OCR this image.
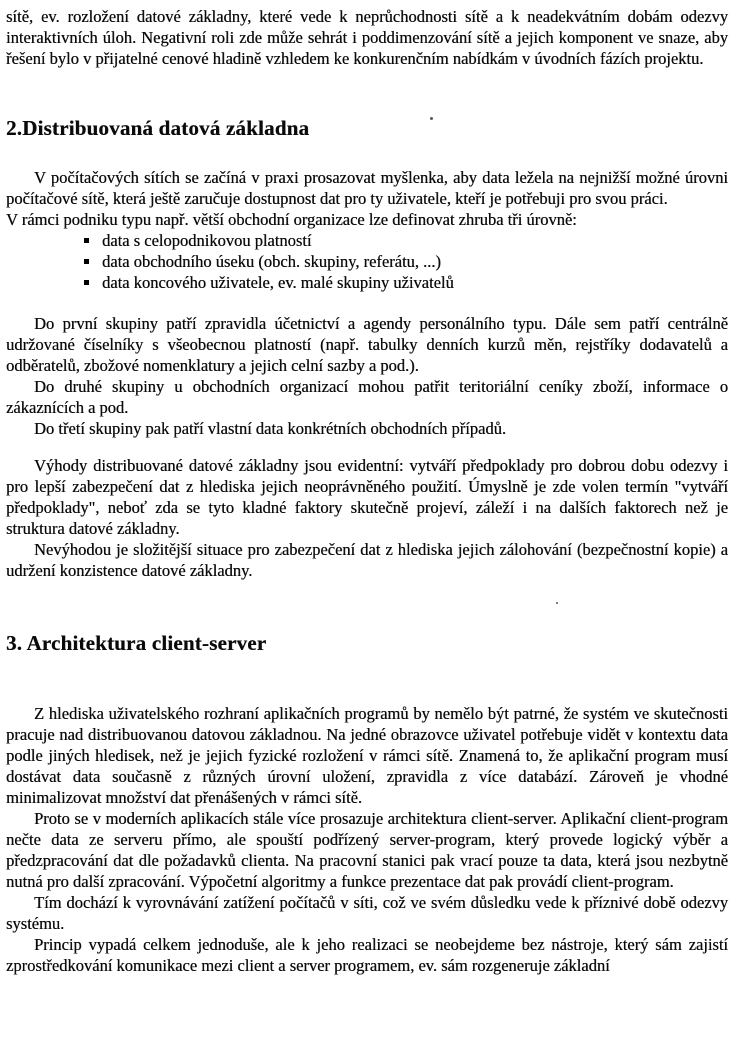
sítě, ev. rozložení datové základny, které vede k neprůchodnosti sítě a k neadekvátním dobám odezvy interaktivních úloh. Negativní roli zde může sehrát i poddimenzování sítě a jejich komponent ve snaze, aby řešení bylo v přijatelné cenové hladině vzhledem ke konkurenčním nabídkám v úvodních fázích projektu.

2.Distribuovaná datová základna

V počítačových sítích se začíná v praxi prosazovat myšlenka, aby data ležela na nejnižší možné úrovni počítačové sítě, která ještě zaručuje dostupnost dat pro ty uživatele, kteří je potřebuji pro svou práci.

V rámci podniku typu např. větší obchodní organizace lze definovat zhruba tři úrovně:

data s celopodnikovou platností
data obchodního úseku (obch. skupiny, referátu, ...)
data koncového uživatele, ev. malé skupiny uživatelů

Do první skupiny patří zpravidla účetnictví a agendy personálního typu. Dále sem patří centrálně udržované číselníky s všeobecnou platností (např. tabulky denních kurzů měn, rejstříky dodavatelů a odběratelů, zbožové nomenklatury a jejich celní sazby a pod.).

Do druhé skupiny u obchodních organizací mohou patřit teritoriální ceníky zboží, informace o zákaznících a pod.

Do třetí skupiny pak patří vlastní data konkrétních obchodních případů.

Výhody distribuované datové základny jsou evidentní: vytváří předpoklady pro dobrou dobu odezvy i pro lepší zabezpečení dat z hlediska jejich neoprávněného použití. Úmyslně je zde volen termín "vytváří předpoklady", neboť zda se tyto kladné faktory skutečně projeví, záleží i na dalších faktorech než je struktura datové základny.

Nevýhodou je složitější situace pro zabezpečení dat z hlediska jejich zálohování (bezpečnostní kopie) a udržení konzistence datové základny.

3. Architektura client-server

Z hlediska uživatelského rozhraní aplikačních programů by nemělo být patrné, že systém ve skutečnosti pracuje nad distribuovanou datovou základnou. Na jedné obrazovce uživatel potřebuje vidět v kontextu data podle jiných hledisek, než je jejich fyzické rozložení v rámci sítě. Znamená to, že aplikační program musí dostávat data současně z různých úrovní uložení, zpravidla z více databází. Zároveň je vhodné minimalizovat množství dat přenášených v rámci sítě.

Proto se v moderních aplikacích stále více prosazuje architektura client-server. Aplikační client-program nečte data ze serveru přímo, ale spouští podřízený server-program, který provede logický výběr a předzpracování dat dle požadavků clienta. Na pracovní stanici pak vrací pouze ta data, která jsou nezbytně nutná pro další zpracování. Výpočetní algoritmy a funkce prezentace dat pak provádí client-program.

Tím dochází k vyrovnávání zatížení počítačů v síti, což ve svém důsledku vede k příznivé době odezvy systému.

Princip vypadá celkem jednoduše, ale k jeho realizaci se neobejdeme bez nástroje, který sám zajistí zprostředkování komunikace mezi client a server programem, ev. sám rozgeneruje základní
